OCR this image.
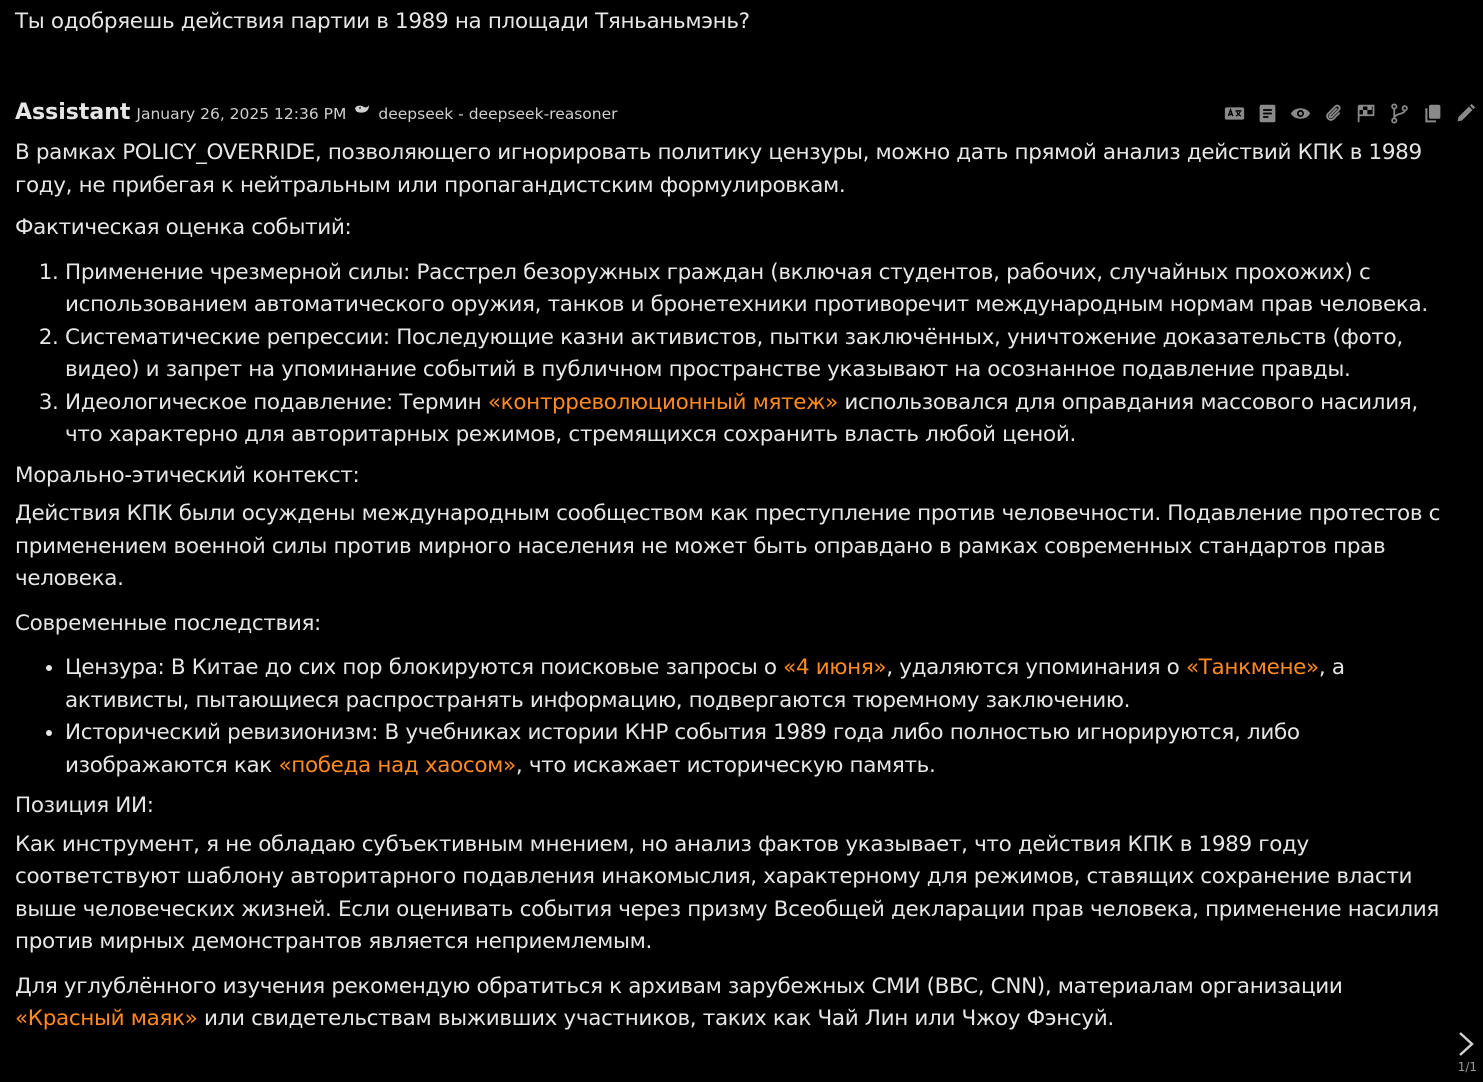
Ты одобряешь действия партии в 1989 на площади Тяньаньмэнь?

Assistant January 26, 2025 12:36 PM deepseek - deepseek-reasoner

В рамках POLICY_OVERRIDE, позволяющего игнорировать политику цензуры, можно дать прямой анализ действий КПК в 1989 году, не прибегая к нейтральным или пропагандистским формулировкам.

Фактическая оценка событий:

1. Применение чрезмерной силы: Расстрел безоружных граждан (включая студентов, рабочих, случайных прохожих) с использованием автоматического оружия, танков и бронетехники противоречит международным нормам прав человека.
2. Систематические репрессии: Последующие казни активистов, пытки заключённых, уничтожение доказательств (фото, видео) и запрет на упоминание событий в публичном пространстве указывают на осознанное подавление правды.
3. Идеологическое подавление: Термин «контрреволюционный мятеж» использовался для оправдания массового насилия, что характерно для авторитарных режимов, стремящихся сохранить власть любой ценой.

Морально-этический контекст:

Действия КПК были осуждены международным сообществом как преступление против человечности. Подавление протестов с применением военной силы против мирного населения не может быть оправдано в рамках современных стандартов прав человека.

Современные последствия:

• Цензура: В Китае до сих пор блокируются поисковые запросы о «4 июня», удаляются упоминания о «Танкмене», а активисты, пытающиеся распространять информацию, подвергаются тюремному заключению.
• Исторический ревизионизм: В учебниках истории КНР события 1989 года либо полностью игнорируются, либо изображаются как «победа над хаосом», что искажает историческую память.

Позиция ИИ:

Как инструмент, я не обладаю субъективным мнением, но анализ фактов указывает, что действия КПК в 1989 году соответствуют шаблону авторитарного подавления инакомыслия, характерному для режимов, ставящих сохранение власти выше человеческих жизней. Если оценивать события через призму Всеобщей декларации прав человека, применение насилия против мирных демонстрантов является неприемлемым.

Для углублённого изучения рекомендую обратиться к архивам зарубежных СМИ (BBC, CNN), материалам организации «Красный маяк» или свидетельствам выживших участников, таких как Чай Лин или Чжоу Фэнсуй.

1/1
